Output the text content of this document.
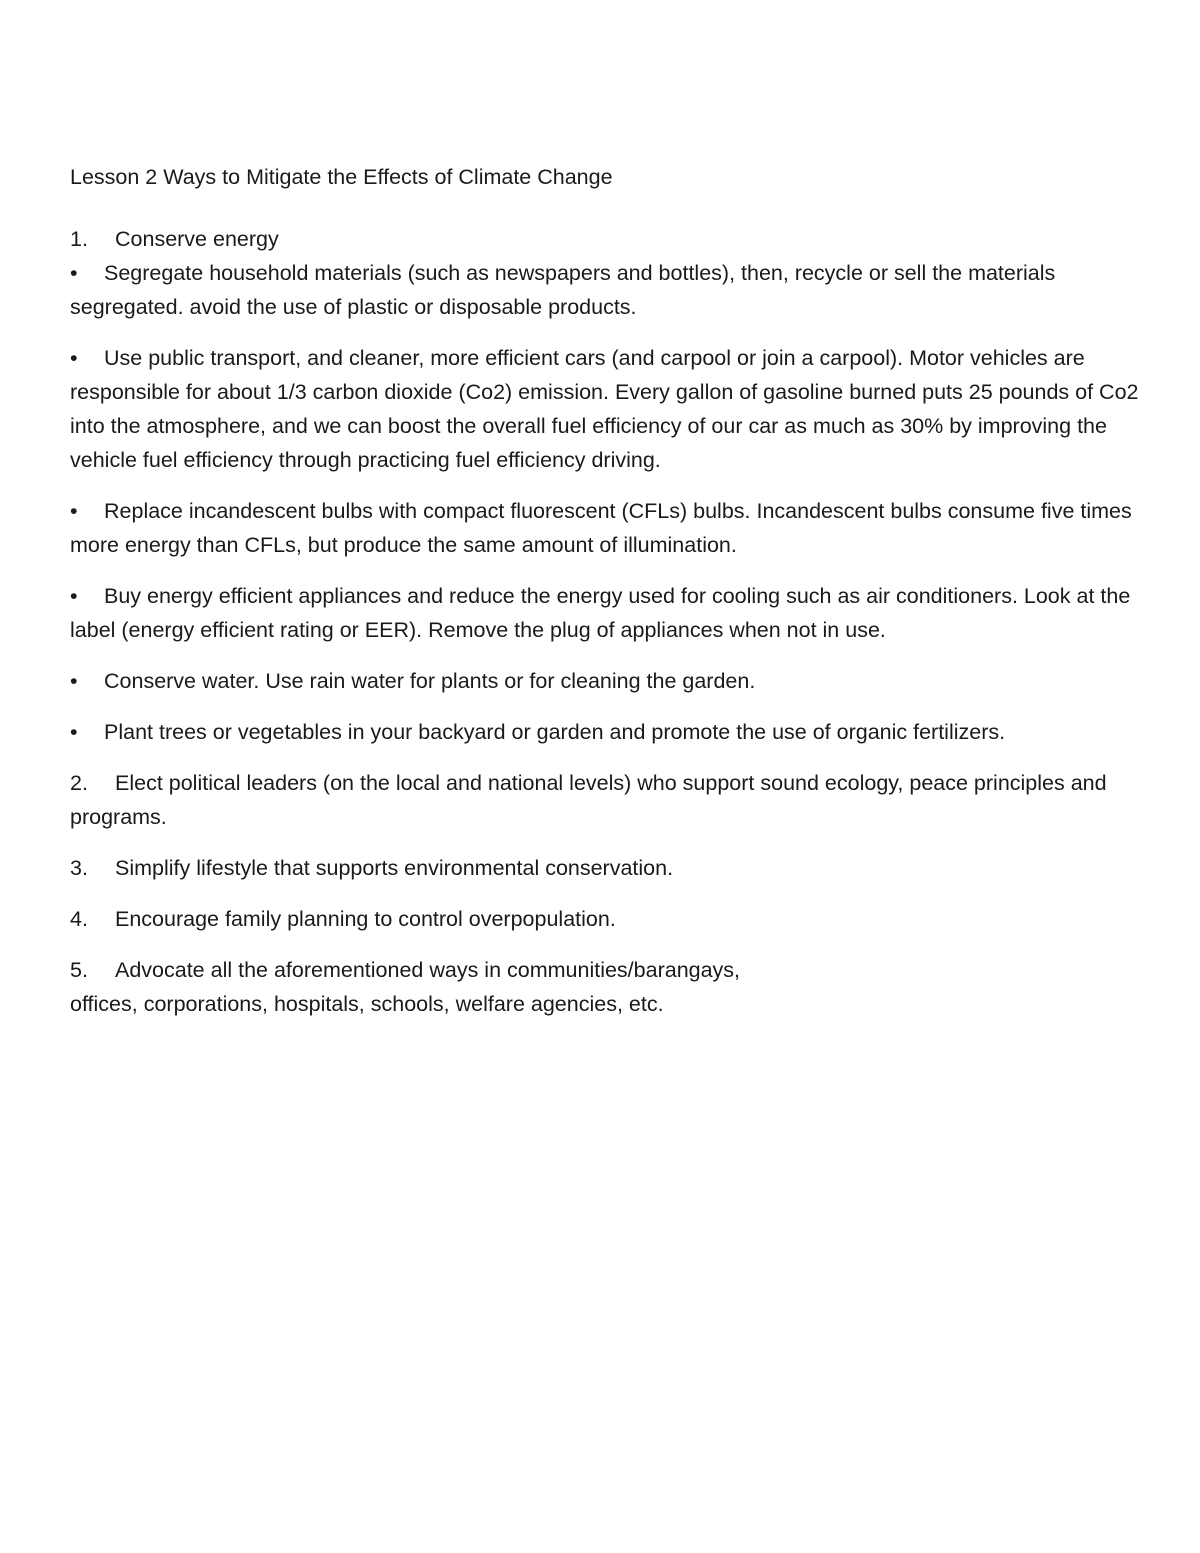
Lesson 2 Ways to Mitigate the Effects of Climate Change
1. Conserve energy
• Segregate household materials (such as newspapers and bottles), then, recycle or sell the materials segregated. avoid the use of plastic or disposable products.
• Use public transport, and cleaner, more efficient cars (and carpool or join a carpool). Motor vehicles are responsible for about 1/3 carbon dioxide (Co2) emission. Every gallon of gasoline burned puts 25 pounds of Co2 into the atmosphere, and we can boost the overall fuel efficiency of our car as much as 30% by improving the vehicle fuel efficiency through practicing fuel efficiency driving.
• Replace incandescent bulbs with compact fluorescent (CFLs) bulbs. Incandescent bulbs consume five times more energy than CFLs, but produce the same amount of illumination.
• Buy energy efficient appliances and reduce the energy used for cooling such as air conditioners. Look at the label (energy efficient rating or EER). Remove the plug of appliances when not in use.
• Conserve water. Use rain water for plants or for cleaning the garden.
• Plant trees or vegetables in your backyard or garden and promote the use of organic fertilizers.
2. Elect political leaders (on the local and national levels) who support sound ecology, peace principles and programs.
3. Simplify lifestyle that supports environmental conservation.
4. Encourage family planning to control overpopulation.
5. Advocate all the aforementioned ways in communities/barangays,
offices, corporations, hospitals, schools, welfare agencies, etc.
